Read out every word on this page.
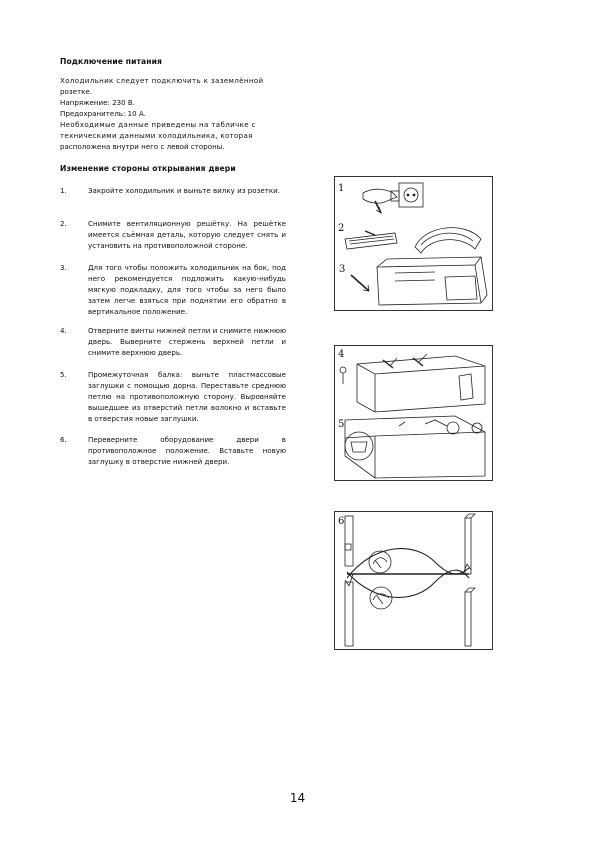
Подключение питания
Холодильник следует подключить к заземлённой
розетке.
Напряжение: 230 В.
Предохранитель: 10 А.
Необходимые данные приведены на табличке с
техническими данными холодильника, которая
расположена внутри него с левой стороны.
Изменение стороны открывания двери
1.	Закройте холодильник и выньте вилку из розетки.
2.	Снимите вентиляционную решётку. На решётке имеется съёмная деталь, которую следует снять и установить на противоположной стороне.
3.	Для того чтобы положить холодильник на бок, под него рекомендуется подложить какую-нибудь мягкую подкладку, для того чтобы за него было затем легче взяться при поднятии его обратно в вертикальное положение.
4.	Отверните винты нижней петли и снимите нижнюю дверь. Выверните стержень верхней петли и снимите верхнюю дверь.
5.	Промежуточная балка: выньте пластмассовые заглушки с помощью дорна. Переставьте среднюю петлю на противоположную сторону. Выровняйте вышедшее из отверстий петли волокно и вставьте в отверстия новые заглушки.
6.	Переверните оборудование двери в противоположное положение. Вставьте новую заглушку в отверстие нижней двери.
1
2
3
4
5
6
14
